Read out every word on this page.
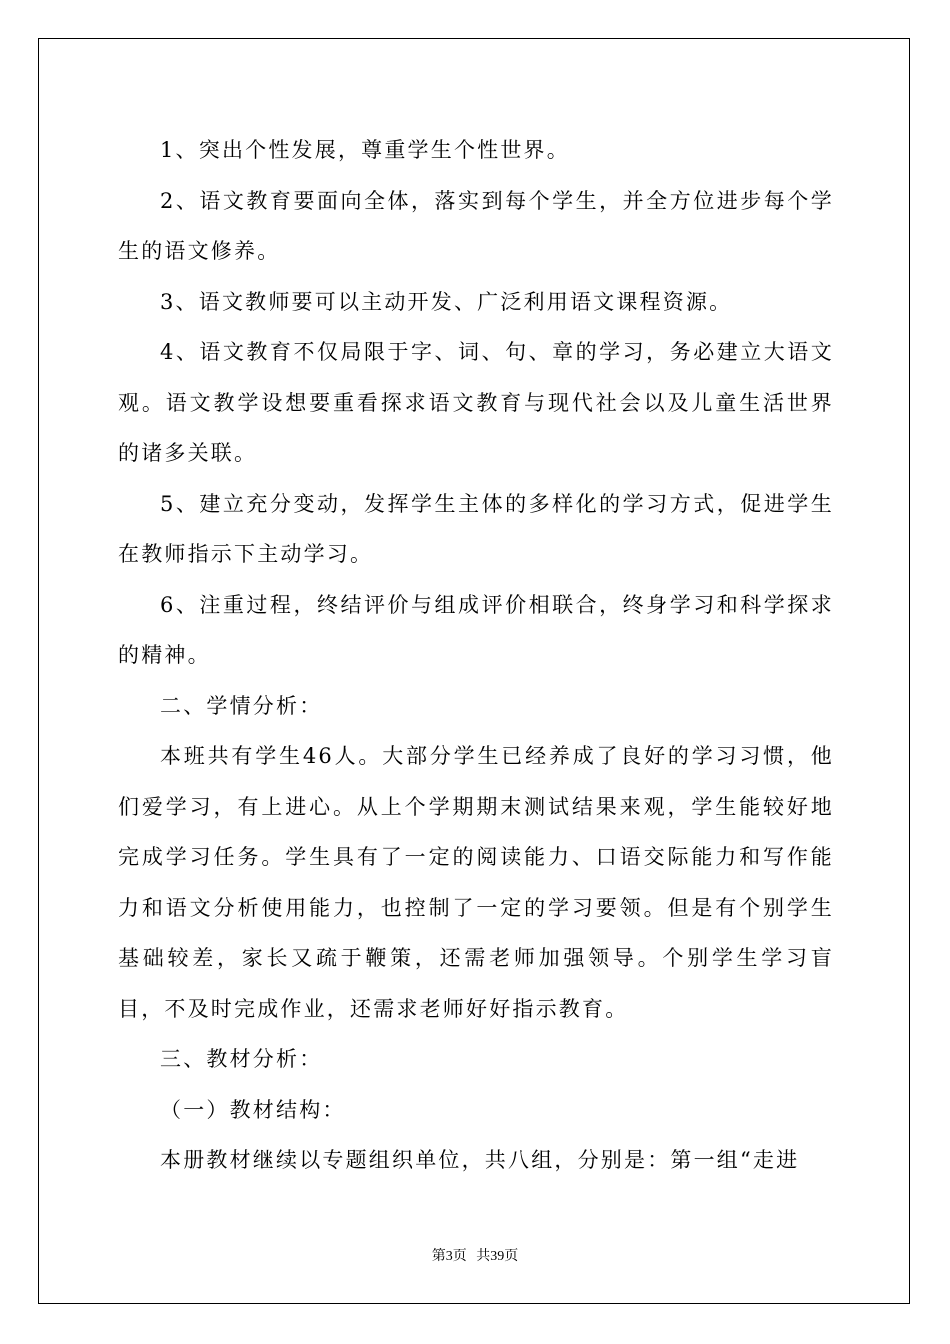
1、突出个性发展，尊重学生个性世界。

2、语文教育要面向全体，落实到每个学生，并全方位进步每个学生的语文修养。

3、语文教师要可以主动开发、广泛利用语文课程资源。

4、语文教育不仅局限于字、词、句、章的学习，务必建立大语文观。语文教学设想要重看探求语文教育与现代社会以及儿童生活世界的诸多关联。

5、建立充分变动，发挥学生主体的多样化的学习方式，促进学生在教师指示下主动学习。

6、注重过程，终结评价与组成评价相联合，终身学习和科学探求的精神。

二、学情分析：

本班共有学生46人。大部分学生已经养成了良好的学习习惯，他们爱学习，有上进心。从上个学期期末测试结果来观，学生能较好地完成学习任务。学生具有了一定的阅读能力、口语交际能力和写作能力和语文分析使用能力，也控制了一定的学习要领。但是有个别学生基础较差，家长又疏于鞭策，还需老师加强领导。个别学生学习盲目，不及时完成作业，还需求老师好好指示教育。

三、教材分析：

（一）教材结构：

本册教材继续以专题组织单位，共八组，分别是：第一组“走进

第3页 共39页
